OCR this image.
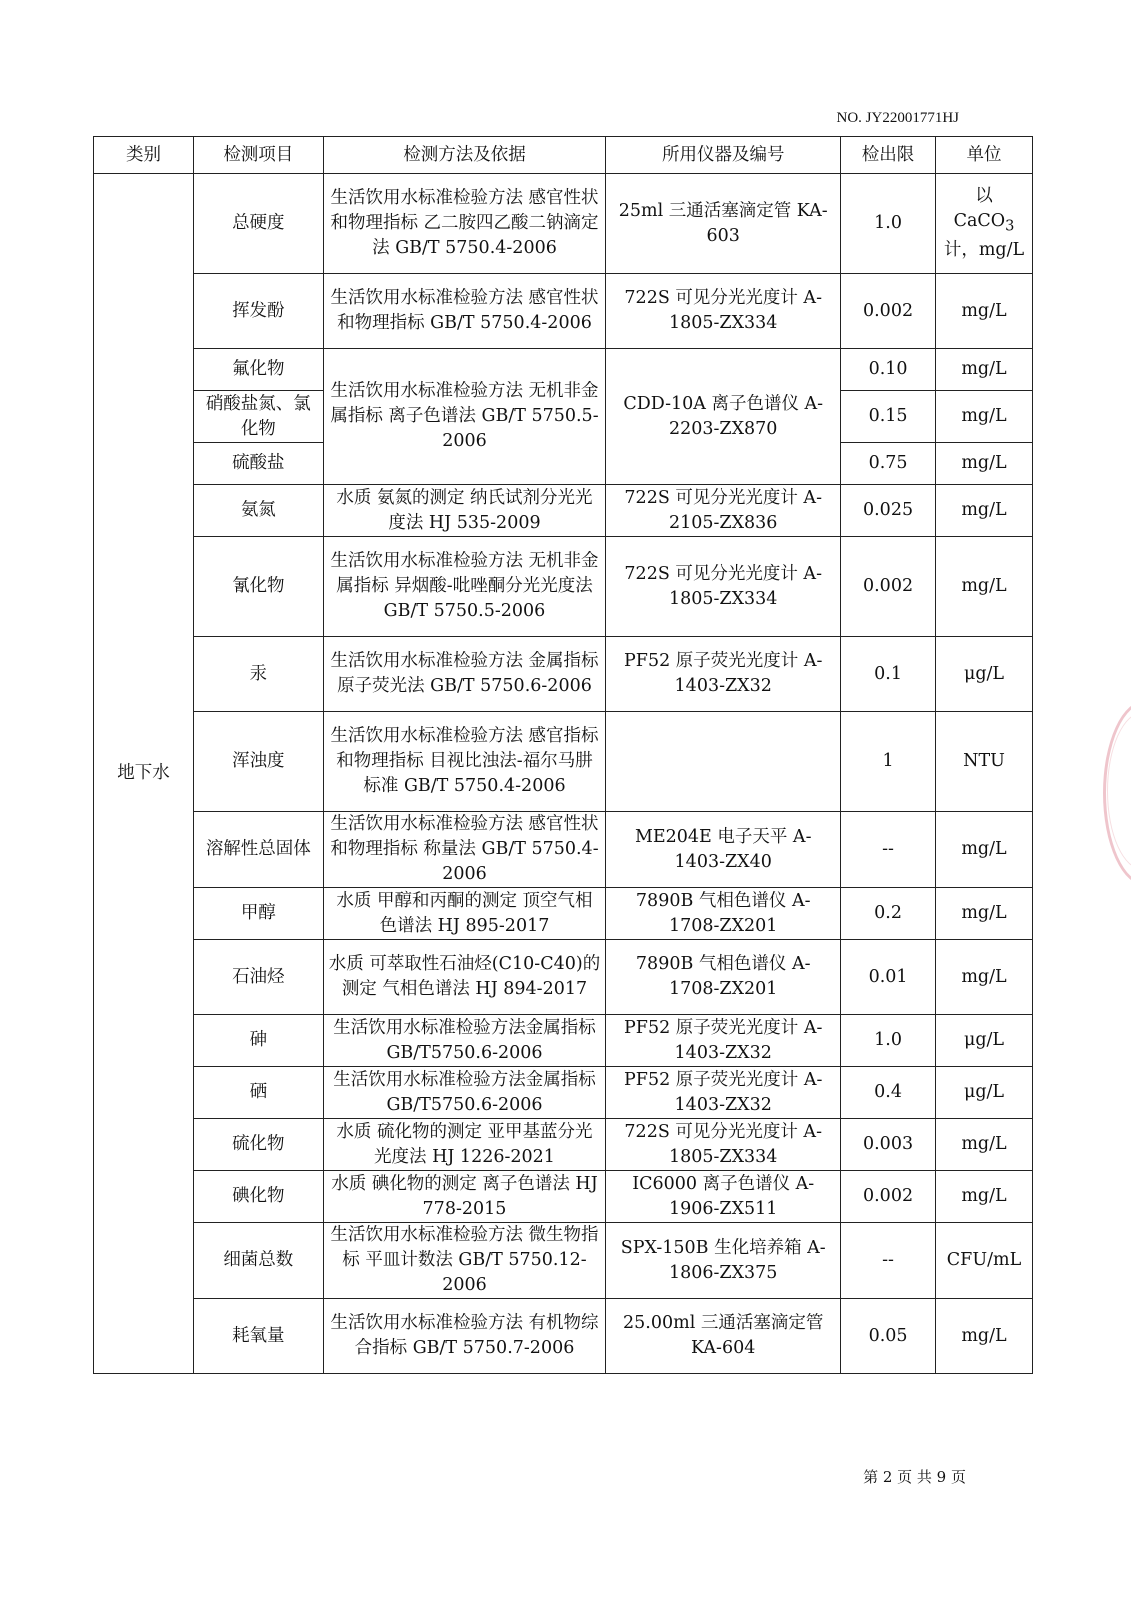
NO. JY22001771HJ
类别	检测项目	检测方法及依据	所用仪器及编号	检出限	单位
地下水	总硬度	生活饮用水标准检验方法 感官性状和物理指标 乙二胺四乙酸二钠滴定法 GB/T 5750.4-2006	25ml 三通活塞滴定管 KA-603	1.0	以
CaCO$_3$
计，mg/L
	挥发酚	生活饮用水标准检验方法 感官性状和物理指标 GB/T 5750.4-2006	722S 可见分光光度计 A-1805-ZX334	0.002	mg/L
	氟化物	生活饮用水标准检验方法 无机非金属指标 离子色谱法 GB/T 5750.5-2006	CDD-10A 离子色谱仪 A-2203-ZX870	0.10	mg/L
	硝酸盐氮、氯化物			0.15	mg/L
	硫酸盐			0.75	mg/L
	氨氮	水质 氨氮的测定 纳氏试剂分光光度法 HJ 535-2009	722S 可见分光光度计 A-2105-ZX836	0.025	mg/L
	氰化物	生活饮用水标准检验方法 无机非金属指标 异烟酸-吡唑酮分光光度法 GB/T 5750.5-2006	722S 可见分光光度计 A-1805-ZX334	0.002	mg/L
	汞	生活饮用水标准检验方法 金属指标 原子荧光法 GB/T 5750.6-2006	PF52 原子荧光光度计 A-1403-ZX32	0.1	μg/L
	浑浊度	生活饮用水标准检验方法 感官指标和物理指标 目视比浊法-福尔马肼标准 GB/T 5750.4-2006		1	NTU
	溶解性总固体	生活饮用水标准检验方法 感官性状和物理指标 称量法 GB/T 5750.4-2006	ME204E 电子天平 A-1403-ZX40	--	mg/L
	甲醇	水质 甲醇和丙酮的测定 顶空气相色谱法 HJ 895-2017	7890B 气相色谱仪 A-1708-ZX201	0.2	mg/L
	石油烃	水质 可萃取性石油烃(C10-C40)的测定 气相色谱法 HJ 894-2017	7890B 气相色谱仪 A-1708-ZX201	0.01	mg/L
	砷	生活饮用水标准检验方法金属指标 GB/T5750.6-2006	PF52 原子荧光光度计 A-1403-ZX32	1.0	μg/L
	硒	生活饮用水标准检验方法金属指标 GB/T5750.6-2006	PF52 原子荧光光度计 A-1403-ZX32	0.4	μg/L
	硫化物	水质 硫化物的测定 亚甲基蓝分光光度法 HJ 1226-2021	722S 可见分光光度计 A-1805-ZX334	0.003	mg/L
	碘化物	水质 碘化物的测定 离子色谱法 HJ 778-2015	IC6000 离子色谱仪 A-1906-ZX511	0.002	mg/L
	细菌总数	生活饮用水标准检验方法 微生物指标 平皿计数法 GB/T 5750.12-2006	SPX-150B 生化培养箱 A-1806-ZX375	--	CFU/mL
	耗氧量	生活饮用水标准检验方法 有机物综合指标 GB/T 5750.7-2006	25.00ml 三通活塞滴定管 KA-604	0.05	mg/L
第 2 页 共 9 页
